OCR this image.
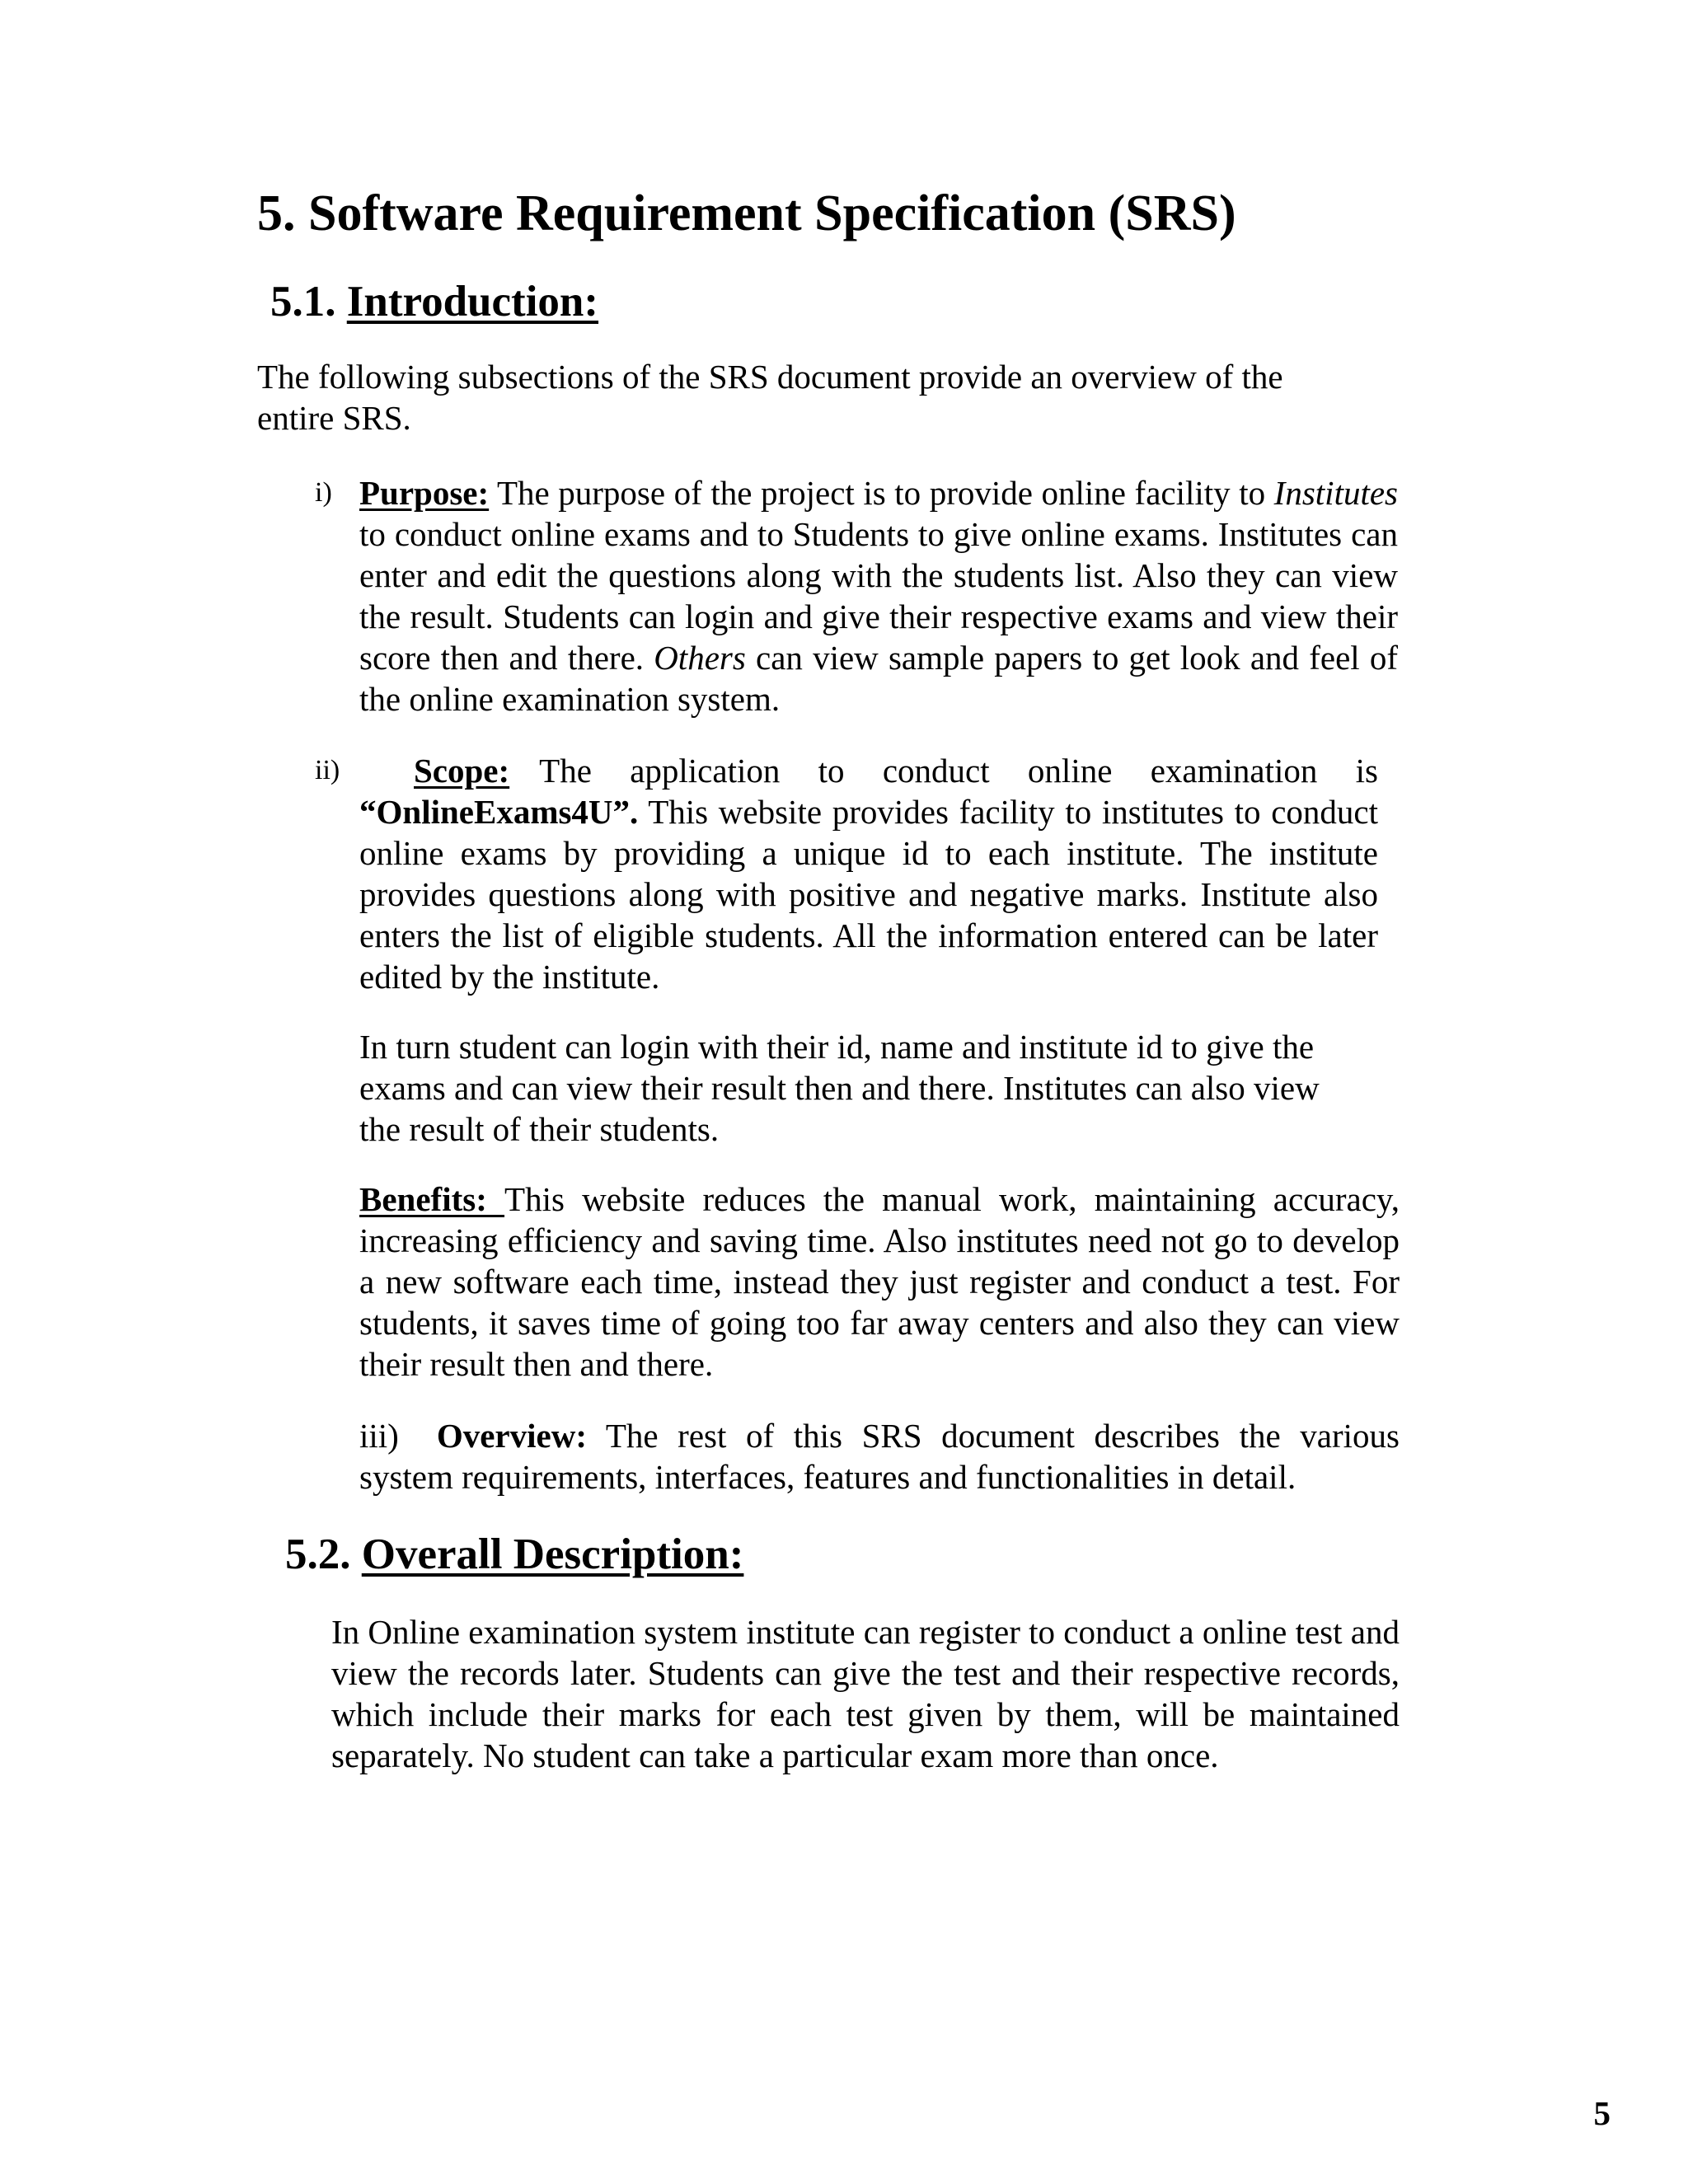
5. Software Requirement Specification (SRS)
5.1. Introduction:

The following subsections of the SRS document provide an overview of the entire SRS.

i) Purpose: The purpose of the project is to provide online facility to Institutes to conduct online exams and to Students to give online exams. Institutes can enter and edit the questions along with the students list. Also they can view the result. Students can login and give their respective exams and view their score then and there. Others can view sample papers to get look and feel of the online examination system.

ii)	Scope: The application to conduct online examination is “OnlineExams4U”. This website provides facility to institutes to conduct online exams by providing a unique id to each institute. The institute provides questions along with positive and negative marks. Institute also enters the list of eligible students. All the information entered can be later edited by the institute.

In turn student can login with their id, name and institute id to give the exams and can view their result then and there. Institutes can also view the result of their students.

Benefits: This website reduces the manual work, maintaining accuracy, increasing efficiency and saving time. Also institutes need not go to develop a new software each time, instead they just register and conduct a test. For students, it saves time of going too far away centers and also they can view their result then and there.

iii) Overview: The rest of this SRS document describes the various system requirements, interfaces, features and functionalities in detail.

5.2. Overall Description:

In Online examination system institute can register to conduct a online test and view the records later. Students can give the test and their respective records, which include their marks for each test given by them, will be maintained separately. No student can take a particular exam more than once.

5
